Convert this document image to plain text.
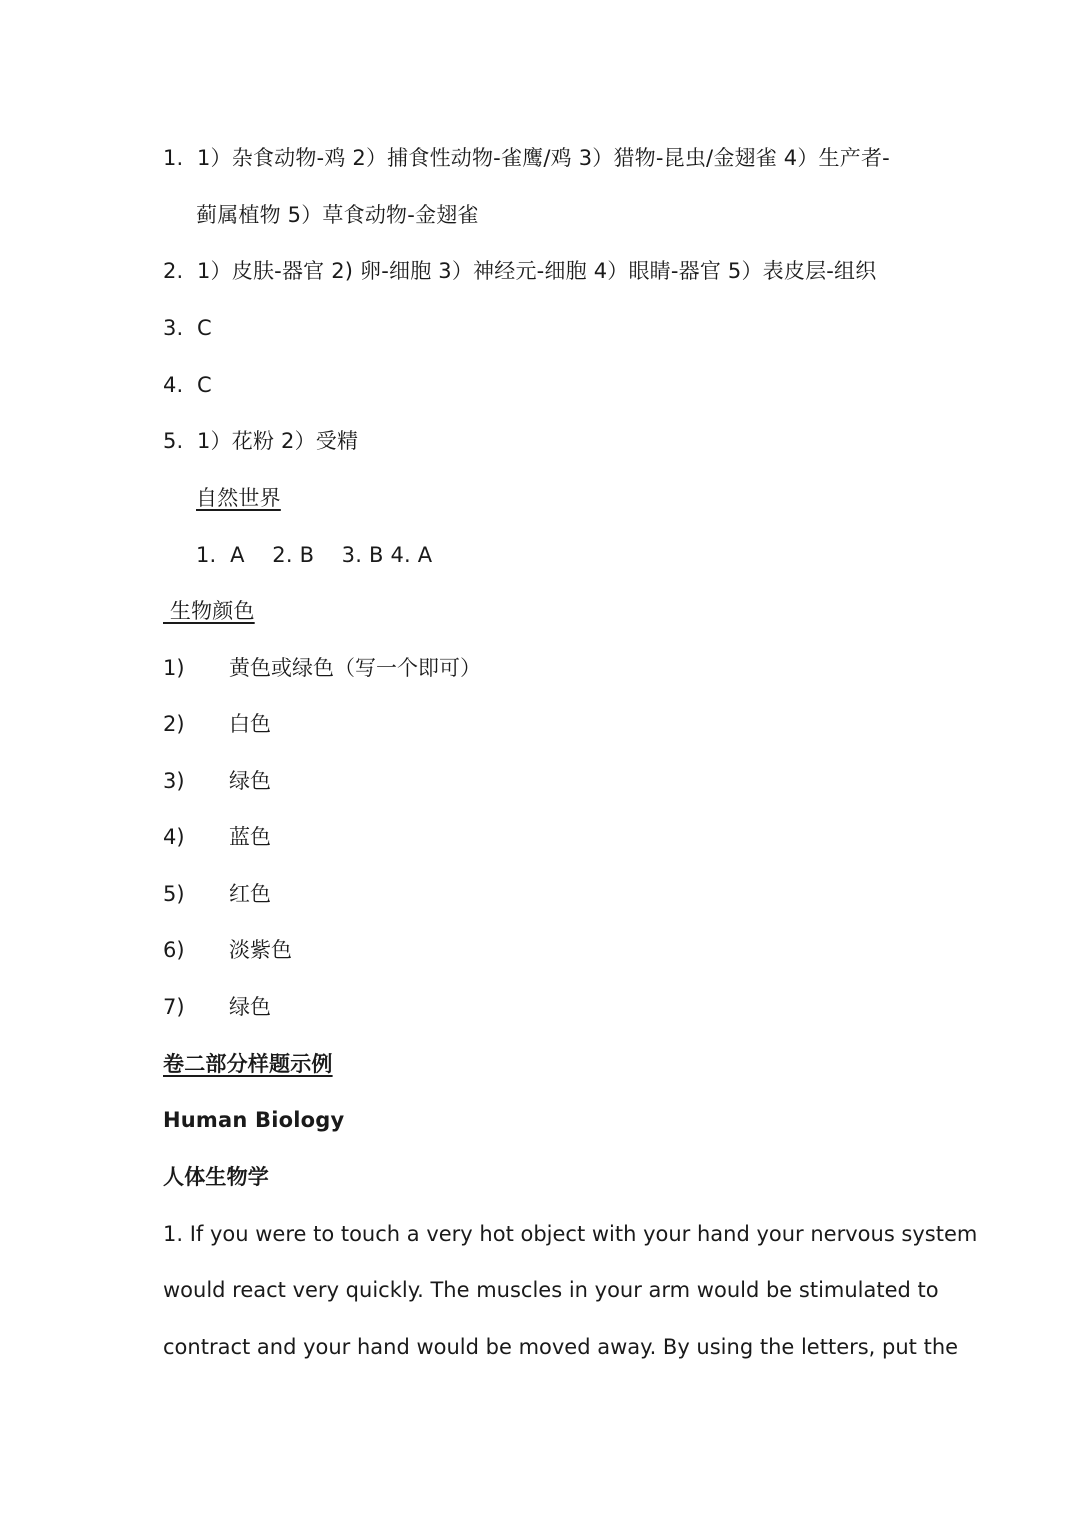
1. 1）杂食动物-鸡 2）捕食性动物-雀鹰/鸡 3）猎物-昆虫/金翅雀 4）生产者-
蓟属植物 5）草食动物-金翅雀
2. 1）皮肤-器官 2) 卵-细胞 3）神经元-细胞 4）眼睛-器官 5）表皮层-组织
3. C
4. C
5. 1）花粉 2）受精
自然世界
1.  A    2. B    3. B 4. A
生物颜色
1) 黄色或绿色（写一个即可）
2) 白色
3) 绿色
4) 蓝色
5) 红色
6) 淡紫色
7) 绿色
卷二部分样题示例
Human Biology
人体生物学
1. If you were to touch a very hot object with your hand your nervous system
would react very quickly. The muscles in your arm would be stimulated to
contract and your hand would be moved away. By using the letters, put the
